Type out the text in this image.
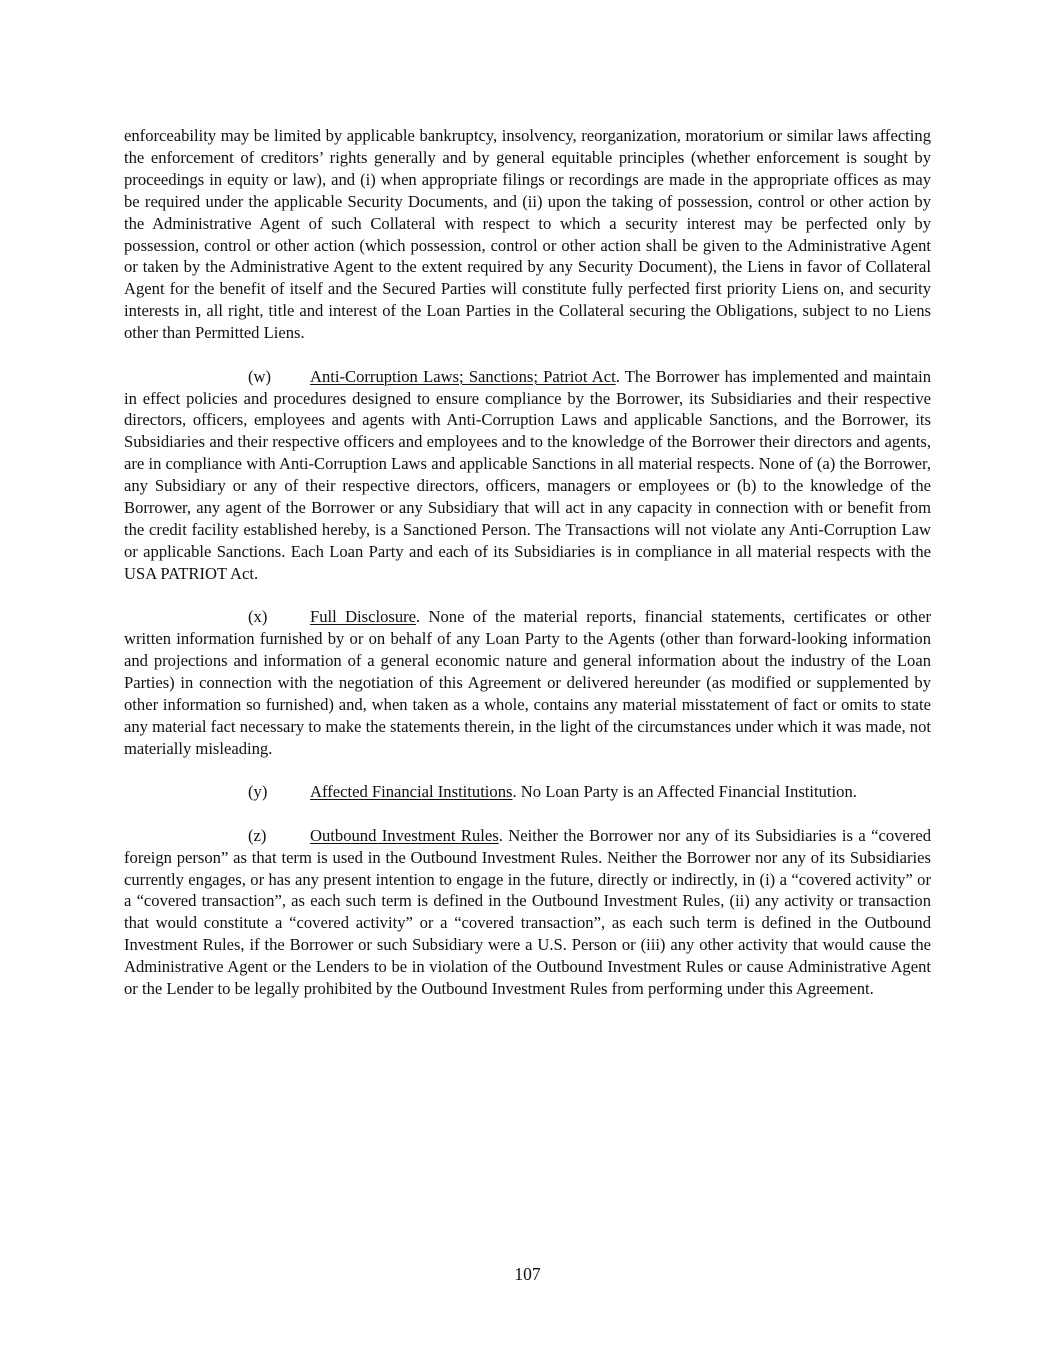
enforceability may be limited by applicable bankruptcy, insolvency, reorganization, moratorium or similar laws affecting the enforcement of creditors’ rights generally and by general equitable principles (whether enforcement is sought by proceedings in equity or law), and (i) when appropriate filings or recordings are made in the appropriate offices as may be required under the applicable Security Documents, and (ii) upon the taking of possession, control or other action by the Administrative Agent of such Collateral with respect to which a security interest may be perfected only by possession, control or other action (which possession, control or other action shall be given to the Administrative Agent or taken by the Administrative Agent to the extent required by any Security Document), the Liens in favor of Collateral Agent for the benefit of itself and the Secured Parties will constitute fully perfected first priority Liens on, and security interests in, all right, title and interest of the Loan Parties in the Collateral securing the Obligations, subject to no Liens other than Permitted Liens.

(w) Anti-Corruption Laws; Sanctions; Patriot Act. The Borrower has implemented and maintain in effect policies and procedures designed to ensure compliance by the Borrower, its Subsidiaries and their respective directors, officers, employees and agents with Anti-Corruption Laws and applicable Sanctions, and the Borrower, its Subsidiaries and their respective officers and employees and to the knowledge of the Borrower their directors and agents, are in compliance with Anti-Corruption Laws and applicable Sanctions in all material respects. None of (a) the Borrower, any Subsidiary or any of their respective directors, officers, managers or employees or (b) to the knowledge of the Borrower, any agent of the Borrower or any Subsidiary that will act in any capacity in connection with or benefit from the credit facility established hereby, is a Sanctioned Person. The Transactions will not violate any Anti-Corruption Law or applicable Sanctions. Each Loan Party and each of its Subsidiaries is in compliance in all material respects with the USA PATRIOT Act.

(x)	Full Disclosure. None of the material reports, financial statements, certificates or other written information furnished by or on behalf of any Loan Party to the Agents (other than forward-looking information and projections and information of a general economic nature and general information about the industry of the Loan Parties) in connection with the negotiation of this Agreement or delivered hereunder (as modified or supplemented by other information so furnished) and, when taken as a whole, contains any material misstatement of fact or omits to state any material fact necessary to make the statements therein, in the light of the circumstances under which it was made, not materially misleading.

(y)	Affected Financial Institutions. No Loan Party is an Affected Financial Institution.

(z)	Outbound Investment Rules. Neither the Borrower nor any of its Subsidiaries is a “covered foreign person” as that term is used in the Outbound Investment Rules. Neither the Borrower nor any of its Subsidiaries currently engages, or has any present intention to engage in the future, directly or indirectly, in (i) a “covered activity” or a “covered transaction”, as each such term is defined in the Outbound Investment Rules, (ii) any activity or transaction that would constitute a “covered activity” or a “covered transaction”, as each such term is defined in the Outbound Investment Rules, if the Borrower or such Subsidiary were a U.S. Person or (iii) any other activity that would cause the Administrative Agent or the Lenders to be in violation of the Outbound Investment Rules or cause Administrative Agent or the Lender to be legally prohibited by the Outbound Investment Rules from performing under this Agreement.

107
